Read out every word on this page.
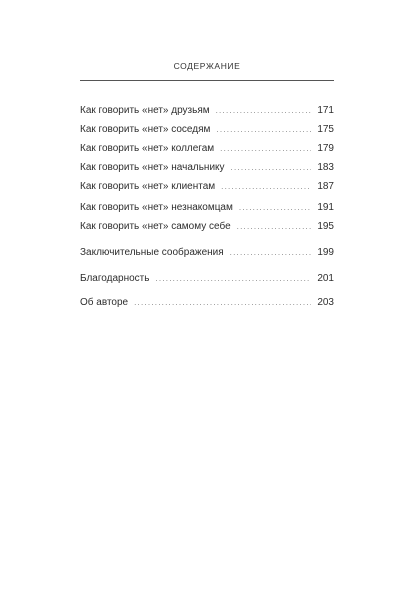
СОДЕРЖАНИЕ
Как говорить «нет» друзьям . . .	171
Как говорить «нет» соседям . . .	175
Как говорить «нет» коллегам . . .	179
Как говорить «нет» начальнику . . .	183
Как говорить «нет» клиентам . . .	187
Как говорить «нет» незнакомцам . . .	191
Как говорить «нет» самому себе . . .	195
Заключительные соображения . . .	199
Благодарность . . .	201
Об авторе . . .	203
